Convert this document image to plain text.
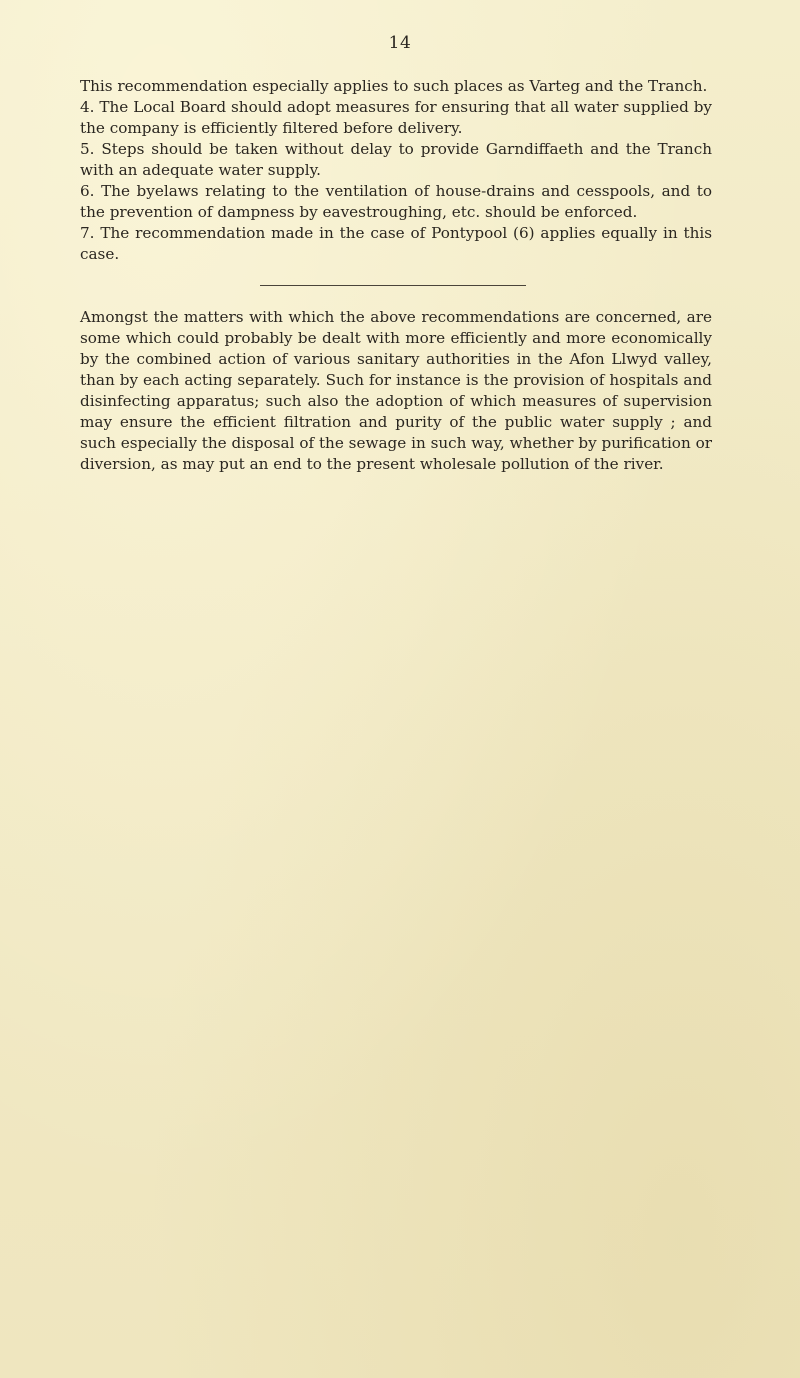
14

This recommendation especially applies to such places as Varteg and the Tranch.

4. The Local Board should adopt measures for ensuring that all water supplied by the company is efficiently filtered before delivery.

5. Steps should be taken without delay to provide Garndiffaeth and the Tranch with an adequate water supply.

6. The byelaws relating to the ventilation of house-drains and cesspools, and to the prevention of dampness by eavestroughing, etc. should be enforced.

7. The recommendation made in the case of Pontypool (6) applies equally in this case.

Amongst the matters with which the above recommendations are concerned, are some which could probably be dealt with more efficiently and more economically by the combined action of various sanitary authorities in the Afon Llwyd valley, than by each acting separately. Such for instance is the provision of hospitals and disinfecting apparatus; such also the adoption of which measures of supervision may ensure the efficient filtration and purity of the public water supply ; and such especially the disposal of the sewage in such way, whether by purification or diversion, as may put an end to the present wholesale pollution of the river.
